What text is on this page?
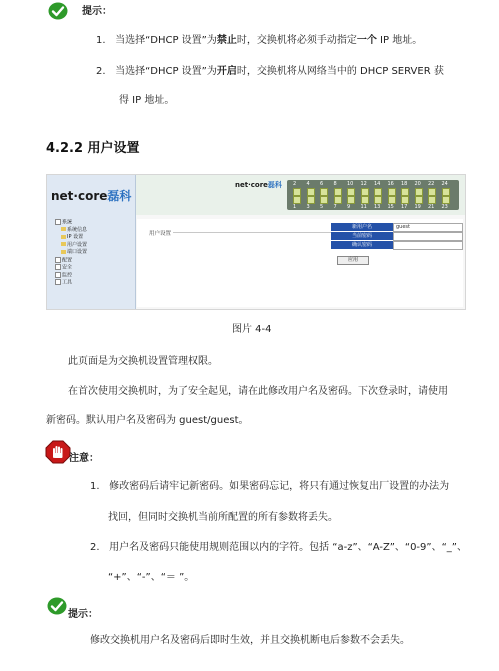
提示：
1. 当选择“DHCP 设置”为禁止时，交换机将必须手动指定一个 IP 地址。
2. 当选择“DHCP 设置”为开启时，交换机将从网络当中的 DHCP SERVER 获
得 IP 地址。
4.2.2 用户设置
net·core磊科	2
1
4
3
6
5
8
7
10
9
12
11
14
13
16
15
18
17
20
19
22
21
24
23
net·core磊科
系统
系统信息
IP 设置
用户设置
端口设置
配置
安全
监控
工具
用户设置
新用户名	guest
当前密码
确认密码
应用
图片 4-4
此页面是为交换机设置管理权限。
在首次使用交换机时，为了安全起见，请在此修改用户名及密码。下次登录时，请使用
新密码。默认用户名及密码为 guest/guest。
注意：
1. 修改密码后请牢记新密码。如果密码忘记，将只有通过恢复出厂设置的办法为
找回，但同时交换机当前所配置的所有参数将丢失。
2. 用户名及密码只能使用规则范围以内的字符。包括 “a-z”、“A-Z”、“0-9”、“_”、
“+”、“-”、“＝ ”。
提示：
修改交换机用户名及密码后即时生效，并且交换机断电后参数不会丢失。
